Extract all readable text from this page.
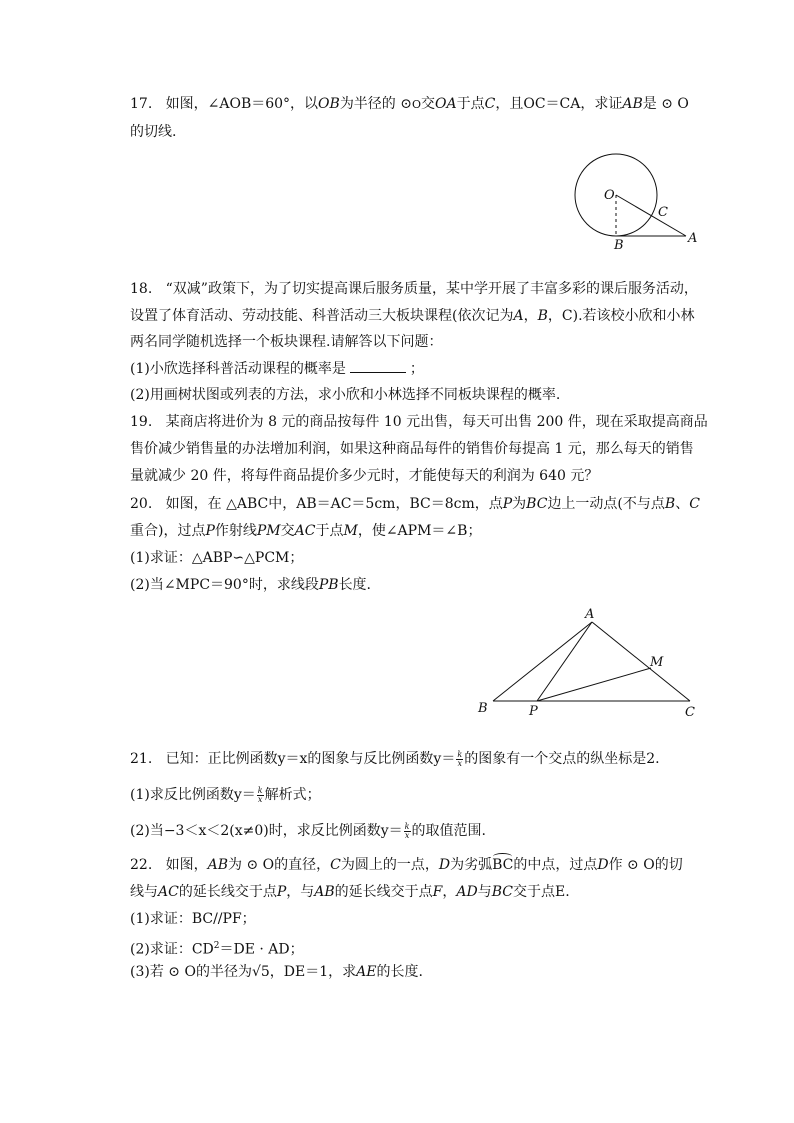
17. 如图，∠AOB＝60°，以OB为半径的 ⊙O交OA于点C，且OC＝CA，求证AB是 ⊙ O
的切线.
O
C
B	A
18. “双减”政策下，为了切实提高课后服务质量，某中学开展了丰富多彩的课后服务活动，
设置了体育活动、劳动技能、科普活动三大板块课程(依次记为A，B，C).若该校小欣和小林
两名同学随机选择一个板块课程.请解答以下问题：
(1)小欣选择科普活动课程的概率是	；
(2)用画树状图或列表的方法，求小欣和小林选择不同板块课程的概率.
19. 某商店将进价为 8 元的商品按每件 10 元出售，每天可出售 200 件，现在采取提高商品
售价减少销售量的办法增加利润，如果这种商品每件的销售价每提高 1 元，那么每天的销售
量就减少 20 件，将每件商品提价多少元时，才能使每天的利润为 640 元？
20. 如图，在 △ABC中，AB＝AC＝5cm，BC＝8cm，点P为BC边上一动点(不与点B、C
重合)，过点P作射线PM交AC于点M，使∠APM＝∠B；
(1)求证：△ABP∽△PCM；
(2)当∠MPC＝90°时，求线段PB长度.
A
M
B	P	C
21. 已知：正比例函数y＝x的图象与反比例函数$y= \frac{k}{x}$ 的图象有一个交点的纵坐标是2.
(1)求反比例函数$y= \frac{k}{x}$ 解析式；
(2)当−3＜x＜2(x≠0)时，求反比例函数$y= \frac{k}{x}$ 的取值范围.
22. 如图，AB为 ⊙ O的直径，C为圆上的一点，D为劣弧BC的中点，过点D作 ⊙ O的切
线与AC的延长线交于点P，与AB的延长线交于点F，AD与BC交于点E.
(1)求证：BC//PF；
(2)求证：$CD^2=DE$ · AD；
(3)若 ⊙ O的半径为√5，DE＝1，求AE的长度.
